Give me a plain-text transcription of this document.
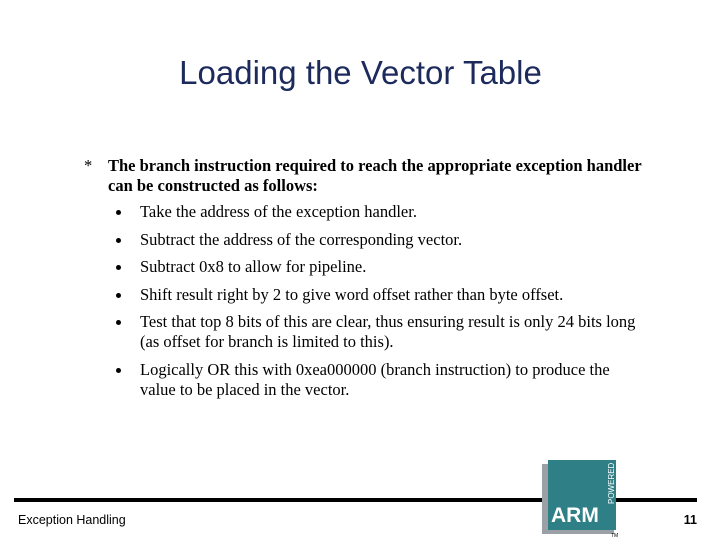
Loading the Vector Table
* The branch instruction required to reach the appropriate exception handler can be constructed as follows:
Take the address of the exception handler.
Subtract the address of the corresponding vector.
Subtract 0x8 to allow for pipeline.
Shift result right by 2 to give word offset rather than byte offset.
Test that top 8 bits of this are clear, thus ensuring result is only 24 bits long (as offset for branch is limited to this).
Logically OR this with 0xea000000 (branch instruction) to produce the value to be placed in the vector.
Exception Handling	11
ARM
POWERED
TM
